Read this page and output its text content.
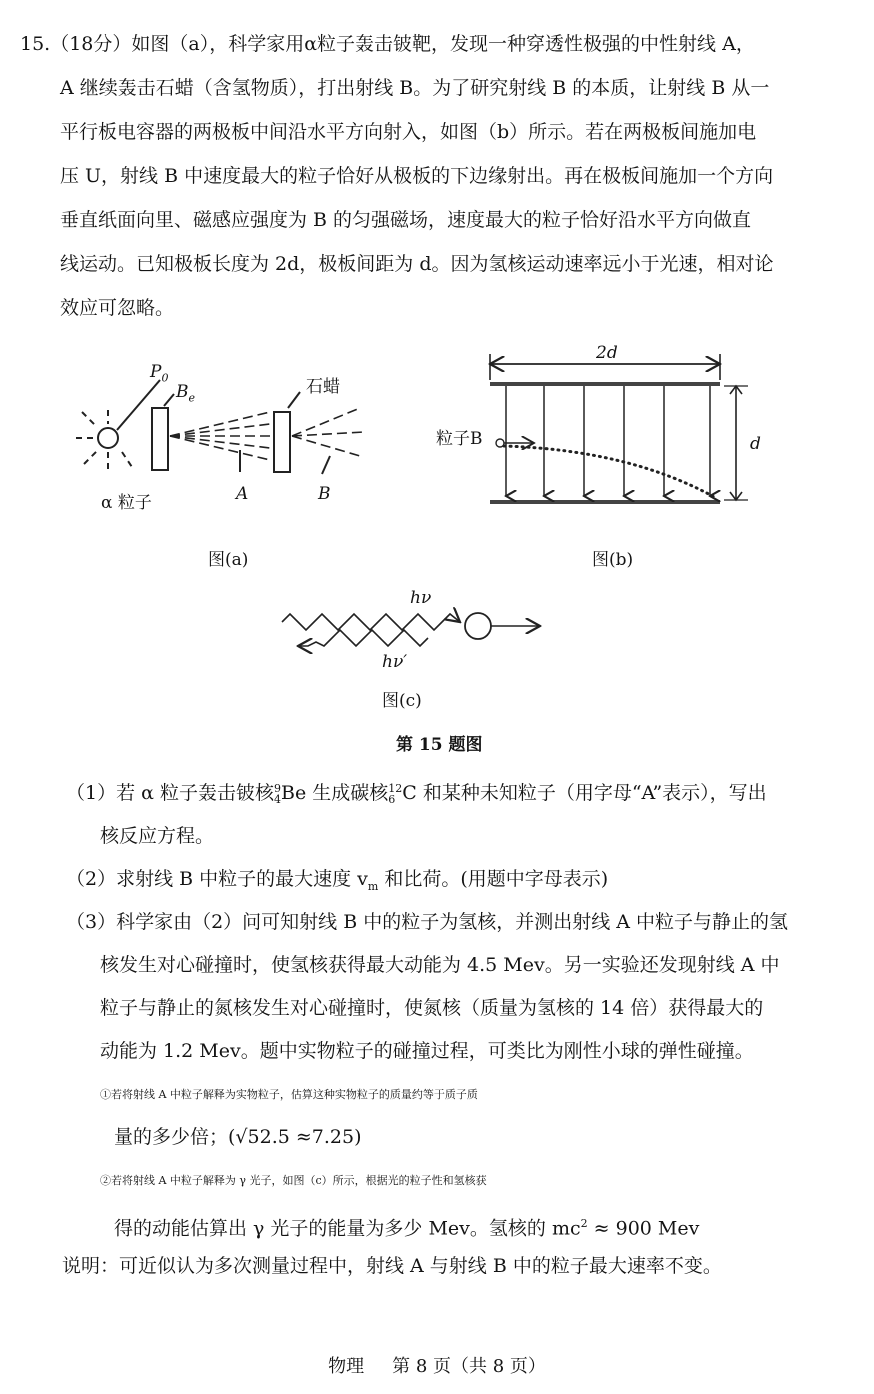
15.（18分）如图（a），科学家用α粒子轰击铍靶，发现一种穿透性极强的中性射线 A，
A 继续轰击石蜡（含氢物质），打出射线 B。为了研究射线 B 的本质，让射线 B 从一
平行板电容器的两极板中间沿水平方向射入，如图（b）所示。若在两极板间施加电
压 U，射线 B 中速度最大的粒子恰好从极板的下边缘射出。再在极板间施加一个方向
垂直纸面向里、磁感应强度为 B 的匀强磁场，速度最大的粒子恰好沿水平方向做直
线运动。已知极板长度为 2d，极板间距为 d。因为氢核运动速率远小于光速，相对论
效应可忽略。
$P_0$
$B_e$
石蜡
α 粒子	A	B
图(a)
2d
d
粒子B
图(b)
hν
hν′
图(c)
第 15 题图
（1）若 α 粒子轰击铍核 9
4 Be 生成碳核 12
6 C 和某种未知粒子（用字母“A”表示），写出
核反应方程。
（2）求射线 B 中粒子的最大速度 $v_m$ 和比荷。(用题中字母表示)
（3）科学家由（2）问可知射线 B 中的粒子为氢核，并测出射线 A 中粒子与静止的氢
核发生对心碰撞时，使氢核获得最大动能为 4.5 Mev。另一实验还发现射线 A 中
粒子与静止的氮核发生对心碰撞时，使氮核（质量为氢核的 14 倍）获得最大的
动能为 1.2 Mev。题中实物粒子的碰撞过程，可类比为刚性小球的弹性碰撞。
①若将射线 A 中粒子解释为实物粒子，估算这种实物粒子的质量约等于质子质
量的多少倍；(√52.5 ≈7.25)
②若将射线 A 中粒子解释为 γ 光子，如图（c）所示，根据光的粒子性和氢核获
得的动能估算出 γ 光子的能量为多少 Mev。氢核的 $mc^2 \approx 900$ Mev
说明：可近似认为多次测量过程中，射线 A 与射线 B 中的粒子最大速率不变。
物理 第 8 页（共 8 页）
